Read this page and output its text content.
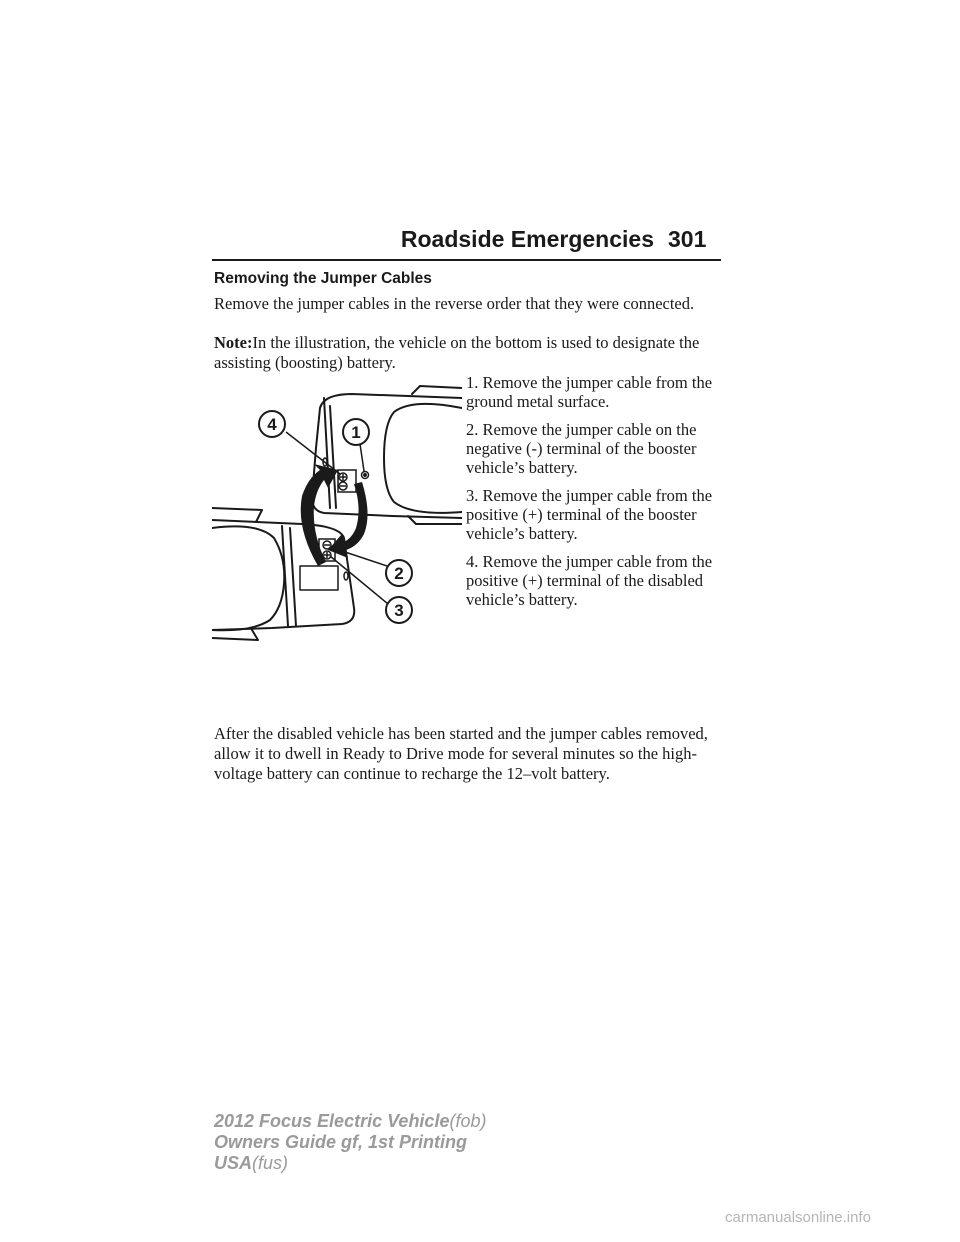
Roadside Emergencies 301
Removing the Jumper Cables

Remove the jumper cables in the reverse order that they were connected.

Note:In the illustration, the vehicle on the bottom is used to designate the assisting (boosting) battery.

1. Remove the jumper cable from the ground metal surface.
2. Remove the jumper cable on the negative (-) terminal of the booster vehicle’s battery.
3. Remove the jumper cable from the positive (+) terminal of the booster vehicle’s battery.
4. Remove the jumper cable from the positive (+) terminal of the disabled vehicle’s battery.
4	1
2
3

After the disabled vehicle has been started and the jumper cables removed, allow it to dwell in Ready to Drive mode for several minutes so the high-voltage battery can continue to recharge the 12–volt battery.

2012 Focus Electric Vehicle(fob)
Owners Guide gf, 1st Printing
USA(fus)
carmanualsonline.info
